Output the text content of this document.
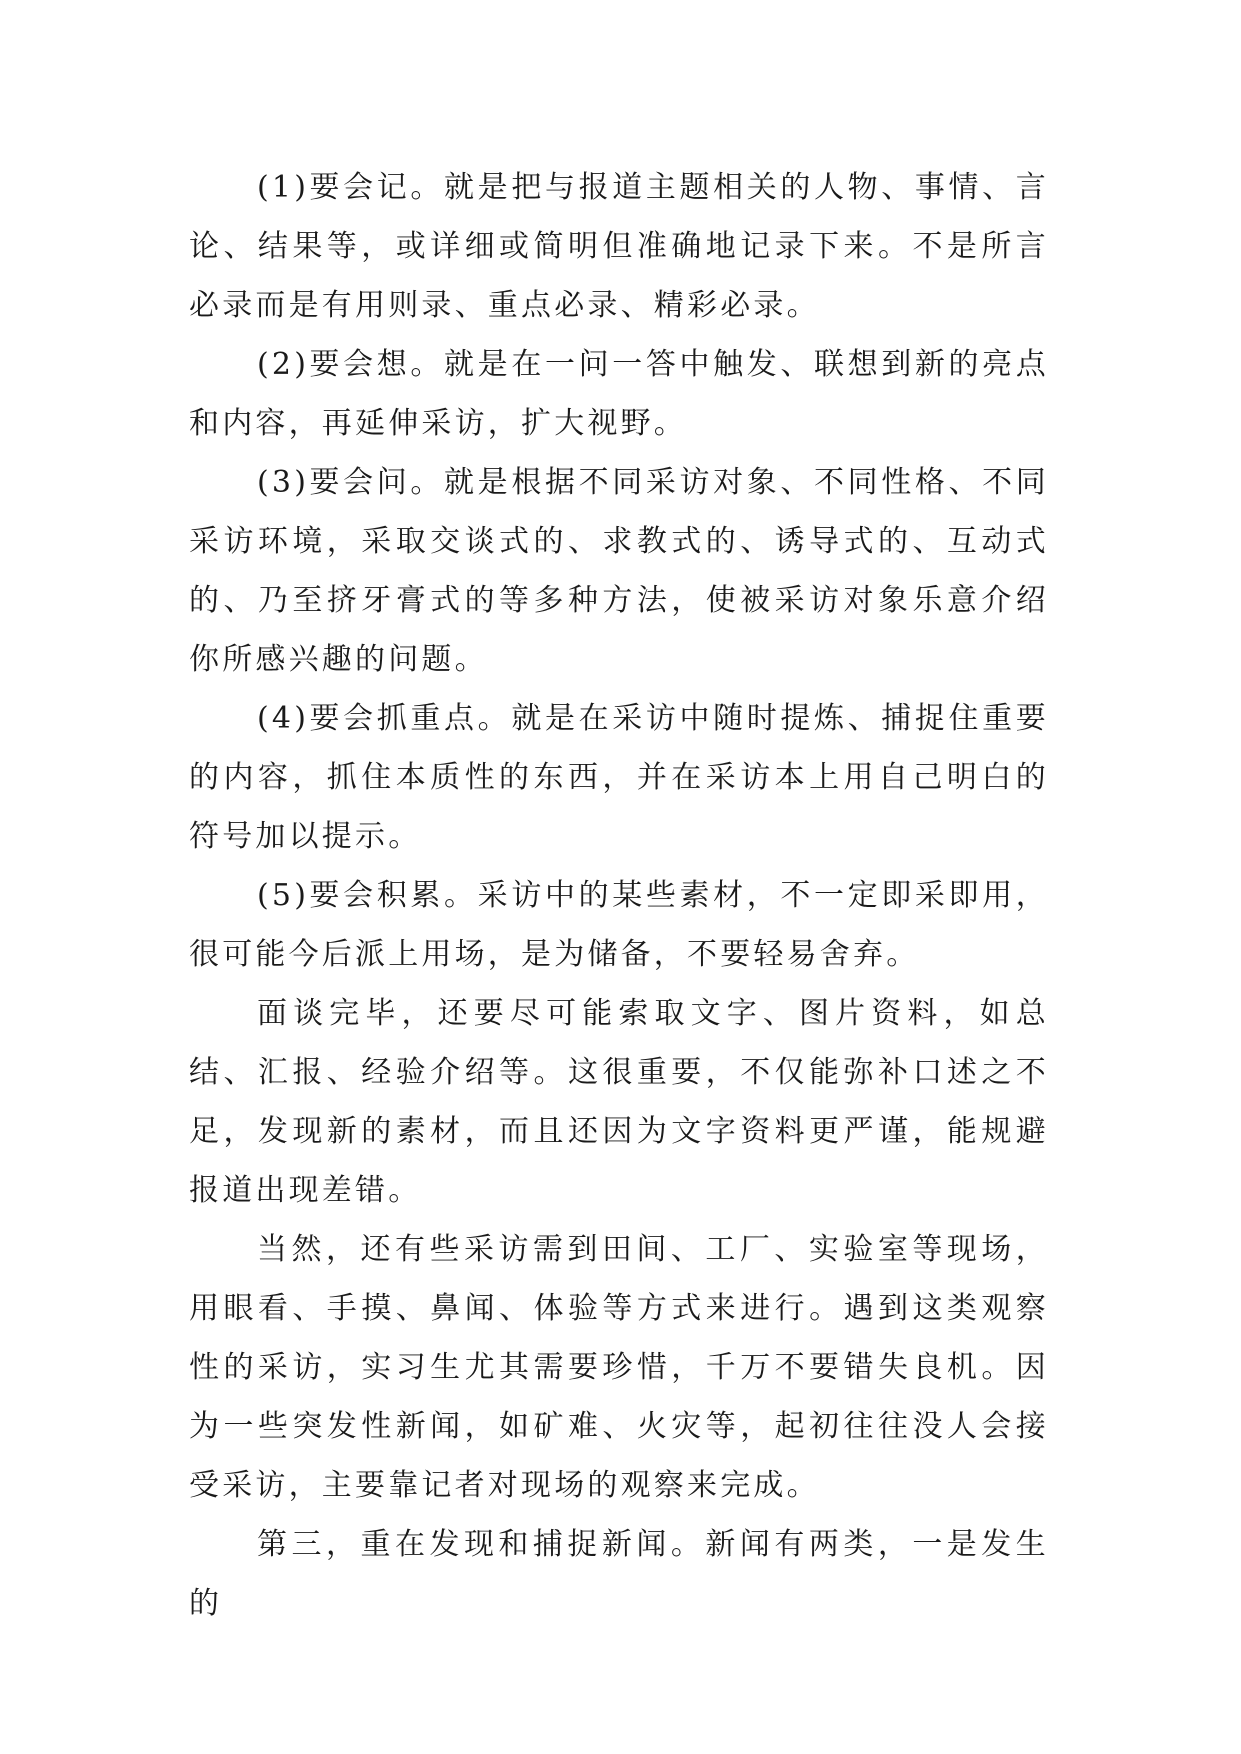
(1)要会记。就是把与报道主题相关的人物、事情、言论、结果等，或详细或简明但准确地记录下来。不是所言必录而是有用则录、重点必录、精彩必录。

(2)要会想。就是在一问一答中触发、联想到新的亮点和内容，再延伸采访，扩大视野。

(3)要会问。就是根据不同采访对象、不同性格、不同采访环境，采取交谈式的、求教式的、诱导式的、互动式的、乃至挤牙膏式的等多种方法，使被采访对象乐意介绍你所感兴趣的问题。

(4)要会抓重点。就是在采访中随时提炼、捕捉住重要的内容，抓住本质性的东西，并在采访本上用自己明白的符号加以提示。

(5)要会积累。采访中的某些素材，不一定即采即用，很可能今后派上用场，是为储备，不要轻易舍弃。

面谈完毕，还要尽可能索取文字、图片资料，如总结、汇报、经验介绍等。这很重要，不仅能弥补口述之不足，发现新的素材，而且还因为文字资料更严谨，能规避报道出现差错。

当然，还有些采访需到田间、工厂、实验室等现场，用眼看、手摸、鼻闻、体验等方式来进行。遇到这类观察性的采访，实习生尤其需要珍惜，千万不要错失良机。因为一些突发性新闻，如矿难、火灾等，起初往往没人会接受采访，主要靠记者对现场的观察来完成。

第三，重在发现和捕捉新闻。新闻有两类，一是发生的
